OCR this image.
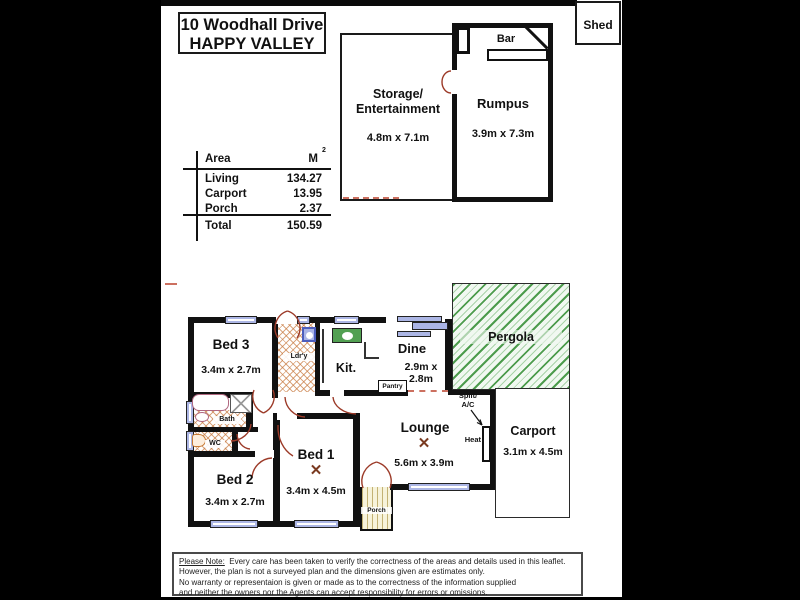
10 Woodhall Drive
HAPPY VALLEY
Shed
Bar
Storage/
Entertainment
4.8m x 7.1m
Rumpus
3.9m x 7.3m
Area	M
2
Living	134.27
Carport	13.95
Porch	2.37
Total	150.59
Pantry
Bed 3
3.4m x 2.7m
Ldr'y
Kit.
Dine
2.9m x 2.8m
Pergola
Split/
A/C
Heat
Lounge
✕
5.6m x 3.9m
Carport
3.1m x 4.5m
Bath
WC
Bed 2
3.4m x 2.7m
Bed 1
✕
3.4m x 4.5m
Porch

Please Note: Every care has been taken to verify the correctness of the areas and details used in this leaflet.

However, the plan is not a surveyed plan and the dimensions given are estimates only.

No warranty or representaion is given or made as to the correctness of the information supplied

and neither the owners nor the Agents can accept responsibility for errors or omissions.
